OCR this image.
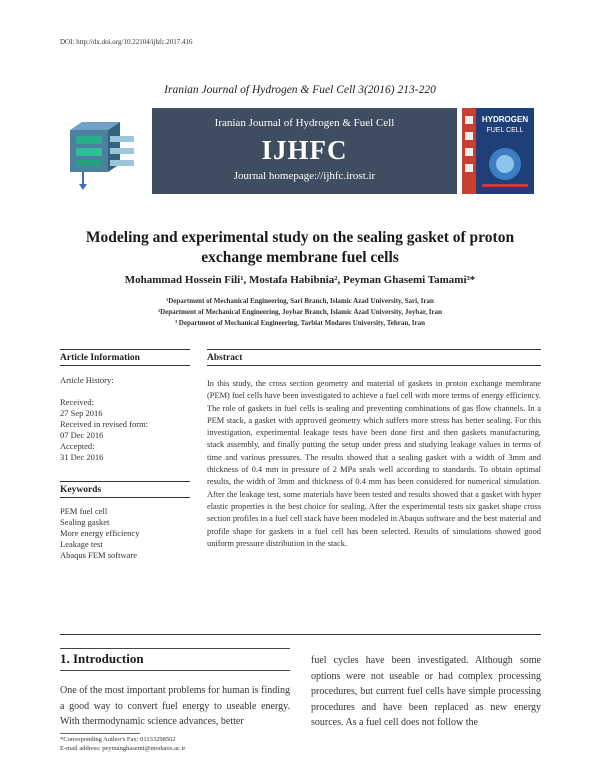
DOI: http://dx.doi.org/10.22104/ijhfc.2017.416
Iranian Journal of Hydrogen & Fuel Cell 3(2016) 213-220
Iranian Journal of Hydrogen & Fuel Cell
IJHFC
Journal homepage://ijhfc.irost.ir
HYDROGEN
FUEL CELL
Modeling and experimental study on the sealing gasket of proton exchange membrane fuel cells
Mohammad Hossein Fili¹, Mostafa Habibnia², Peyman Ghasemi Tamami³*
¹Department of Mechanical Engineering, Sari Branch, Islamic Azad University, Sari, Iran
²Department of Mechanical Engineering, Joybar Branch, Islamic Azad University, Joybar, Iran
³ Department of Mechanical Engineering, Tarbiat Modares University, Tehran, Iran
Article Information
Article History:
Received:
27 Sep 2016
Received in revised form:
07 Dec 2016
Accepted:
31 Dec 2016
Keywords
PEM fuel cell
Sealing gasket
More energy efficiency
Leakage test
Abaqus FEM software
Abstract
In this study, the cross section geometry and material of gaskets in proton exchange membrane (PEM) fuel cells have been investigated to achieve a fuel cell with more terms of energy efficiency. The role of gaskets in fuel cells is sealing and preventing combinations of gas flow channels. In a PEM stack, a gasket with approved geometry which suffers more stress has better sealing. For this investigation, experimental leakage tests have been done first and then gaskets manufacturing, stack assembly, and finally putting the setup under press and studying leakage values in terms of time and various pressures. The results showed that a sealing gasket with a width of 3mm and thickness of 0.4 mm in pressure of 2 MPa seals well according to standards. To obtain optimal results, the width of 3mm and thickness of 0.4 mm has been considered for numerical simulation. After the leakage test, some materials have been tested and results showed that a gasket with hyper elastic properties is the best choice for sealing. After the experimental tests six gasket shape cross section profiles in a fuel cell stack have been modeled in Abaqus software and the best material and profile shape for gaskets in a fuel cell has been selected. Results of simulations showed good uniform pressure distribution in the stack.
1. Introduction
One of the most important problems for human is finding a good way to convert fuel energy to useable energy. With thermodynamic science advances, better
fuel cycles have been investigated. Although some options were not useable or had complex processing procedures, but current fuel cells have simple processing procedures and have been replaced as new energy sources. As a fuel cell does not follow the
*Corresponding Author's Fax: 01133298502
E-mail address: peymanghasemi@modares.ac.ir
